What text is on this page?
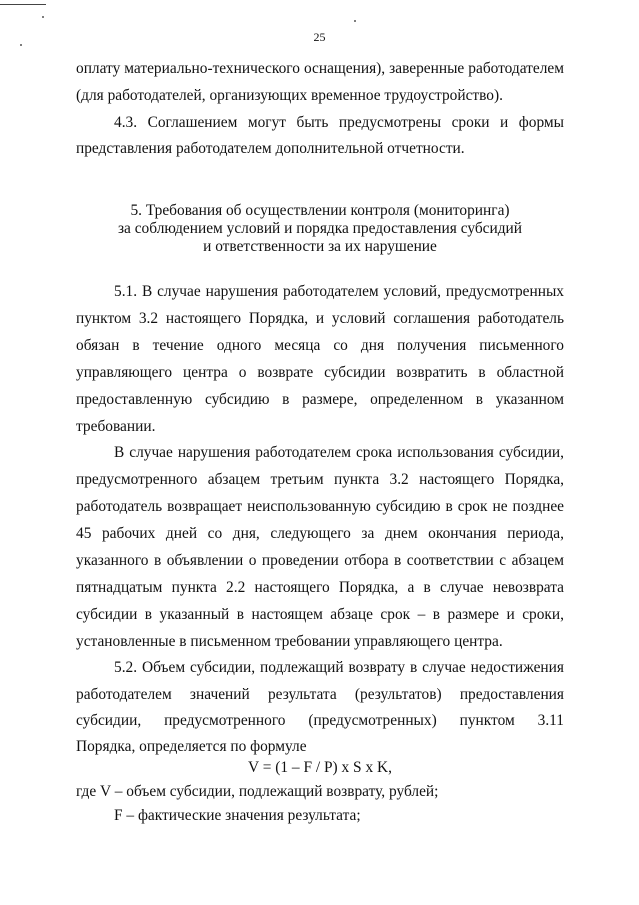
25
оплату материально-технического оснащения), заверенные работодателем
(для работодателей, организующих временное трудоустройство).
4.3. Соглашением могут быть предусмотрены сроки и формы
представления работодателем дополнительной отчетности.
5. Требования об осуществлении контроля (мониторинга)
за соблюдением условий и порядка предоставления субсидий
и ответственности за их нарушение
5.1. В случае нарушения работодателем условий, предусмотренных
пунктом 3.2 настоящего Порядка, и условий соглашения работодатель
обязан в течение одного месяца со дня получения письменного
управляющего центра о возврате субсидии возвратить в областной
предоставленную субсидию в размере, определенном в указанном
требовании.
В случае нарушения работодателем срока использования субсидии,
предусмотренного абзацем третьим пункта 3.2 настоящего Порядка,
работодатель возвращает неиспользованную субсидию в срок не позднее
45 рабочих дней со дня, следующего за днем окончания периода,
указанного в объявлении о проведении отбора в соответствии с абзацем
пятнадцатым пункта 2.2 настоящего Порядка, а в случае невозврата
субсидии в указанный в настоящем абзаце срок – в размере и сроки,
установленные в письменном требовании управляющего центра.
5.2. Объем субсидии, подлежащий возврату в случае недостижения
работодателем значений результата (результатов) предоставления
субсидии, предусмотренного (предусмотренных) пунктом 3.11
Порядка, определяется по формуле
V = (1 – F / P) x S x K,
где V – объем субсидии, подлежащий возврату, рублей;
F – фактические значения результата;
